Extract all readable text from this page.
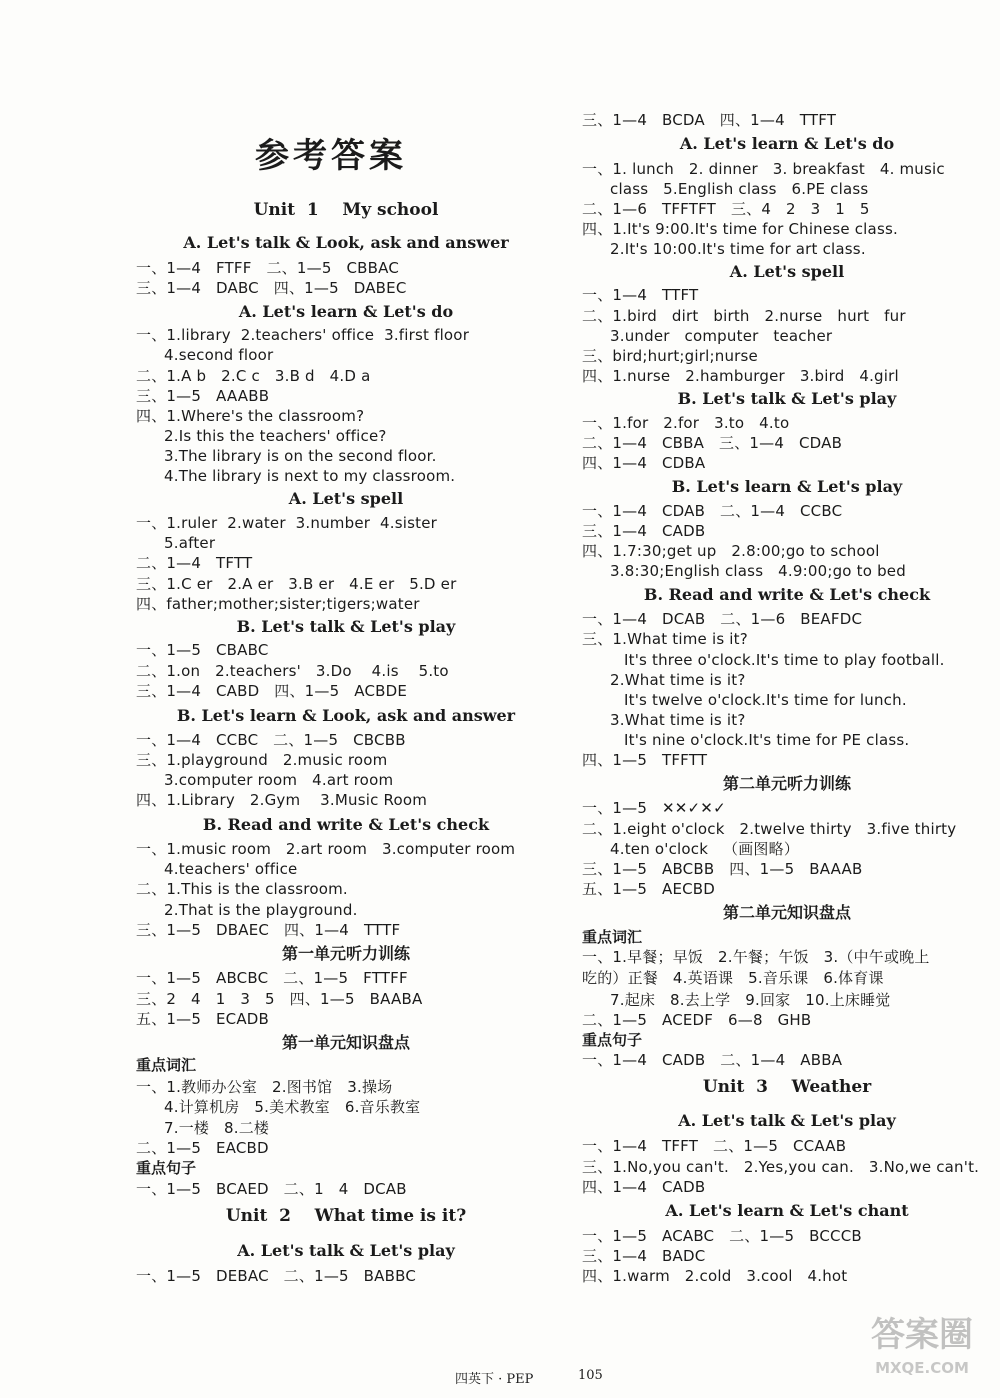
参考答案
Unit  1    My school
A. Let's talk & Look, ask and answer
一、1—4   FTFF   二、1—5   CBBAC
三、1—4   DABC   四、1—5   DABEC
A. Let's learn & Let's do
一、1.library  2.teachers' office  3.first floor
4.second floor
二、1.A b   2.C c   3.B d   4.D a
三、1—5   AAABB
四、1.Where's the classroom?
2.Is this the teachers' office?
3.The library is on the second floor.
4.The library is next to my classroom.
A. Let's spell
一、1.ruler  2.water  3.number  4.sister
5.after
二、1—4   TFTT
三、1.C er   2.A er   3.B er   4.E er   5.D er
四、father;mother;sister;tigers;water
B. Let's talk & Let's play
一、1—5   CBABC
二、1.on   2.teachers'   3.Do    4.is    5.to
三、1—4   CABD   四、1—5   ACBDE
B. Let's learn & Look, ask and answer
一、1—4   CCBC   二、1—5   CBCBB
三、1.playground   2.music room
3.computer room   4.art room
四、1.Library   2.Gym    3.Music Room
B. Read and write & Let's check
一、1.music room   2.art room   3.computer room
4.teachers' office
二、1.This is the classroom.
2.That is the playground.
三、1—5   DBAEC   四、1—4   TTTF
第一单元听力训练
一、1—5   ABCBC   二、1—5   FTTFF
三、2   4   1   3   5   四、1—5   BAABA
五、1—5   ECADB
第一单元知识盘点
重点词汇
一、1.教师办公室   2.图书馆   3.操场
4.计算机房   5.美术教室   6.音乐教室
7.一楼   8.二楼
二、1—5   EACBD
重点句子
一、1—5   BCAED   二、1   4   DCAB
Unit  2    What time is it?
A. Let's talk & Let's play
一、1—5   DEBAC   二、1—5   BABBC
三、1—4   BCDA   四、1—4   TTFT
A. Let's learn & Let's do
一、1. lunch   2. dinner   3. breakfast   4. music
class   5.English class   6.PE class
二、1—6   TFFTFT   三、4   2   3   1   5
四、1.It's 9:00.It's time for Chinese class.
2.It's 10:00.It's time for art class.
A. Let's spell
一、1—4   TTFT
二、1.bird   dirt   birth   2.nurse   hurt   fur
3.under   computer   teacher
三、bird;hurt;girl;nurse
四、1.nurse   2.hamburger   3.bird   4.girl
B. Let's talk & Let's play
一、1.for   2.for   3.to   4.to
二、1—4   CBBA   三、1—4   CDAB
四、1—4   CDBA
B. Let's learn & Let's play
一、1—4   CDAB   二、1—4   CCBC
三、1—4   CADB
四、1.7:30;get up   2.8:00;go to school
3.8:30;English class   4.9:00;go to bed
B. Read and write & Let's check
一、1—4   DCAB   二、1—6   BEAFDC
三、1.What time is it?
It's three o'clock.It's time to play football.
2.What time is it?
It's twelve o'clock.It's time for lunch.
3.What time is it?
It's nine o'clock.It's time for PE class.
四、1—5   TFFTT
第二单元听力训练
一、1—5   ✕✕✓✕✓
二、1.eight o'clock   2.twelve thirty   3.five thirty
4.ten o'clock   （画图略）
三、1—5   ABCBB   四、1—5   BAAAB
五、1—5   AECBD
第二单元知识盘点
重点词汇
一、1.早餐；早饭   2.午餐；午饭   3.（中午或晚上
吃的）正餐   4.英语课   5.音乐课   6.体育课
7.起床   8.去上学   9.回家   10.上床睡觉
二、1—5   ACEDF   6—8   GHB
重点句子
一、1—4   CADB   二、1—4   ABBA
Unit  3    Weather
A. Let's talk & Let's play
一、1—4   TFFT   二、1—5   CCAAB
三、1.No,you can't.   2.Yes,you can.   3.No,we can't.
四、1—4   CADB
A. Let's learn & Let's chant
一、1—5   ACABC   二、1—5   BCCCB
三、1—4   BADC
四、1.warm   2.cold   3.cool   4.hot
四英下 · PEP	105
答案圈
MXQE.COM
